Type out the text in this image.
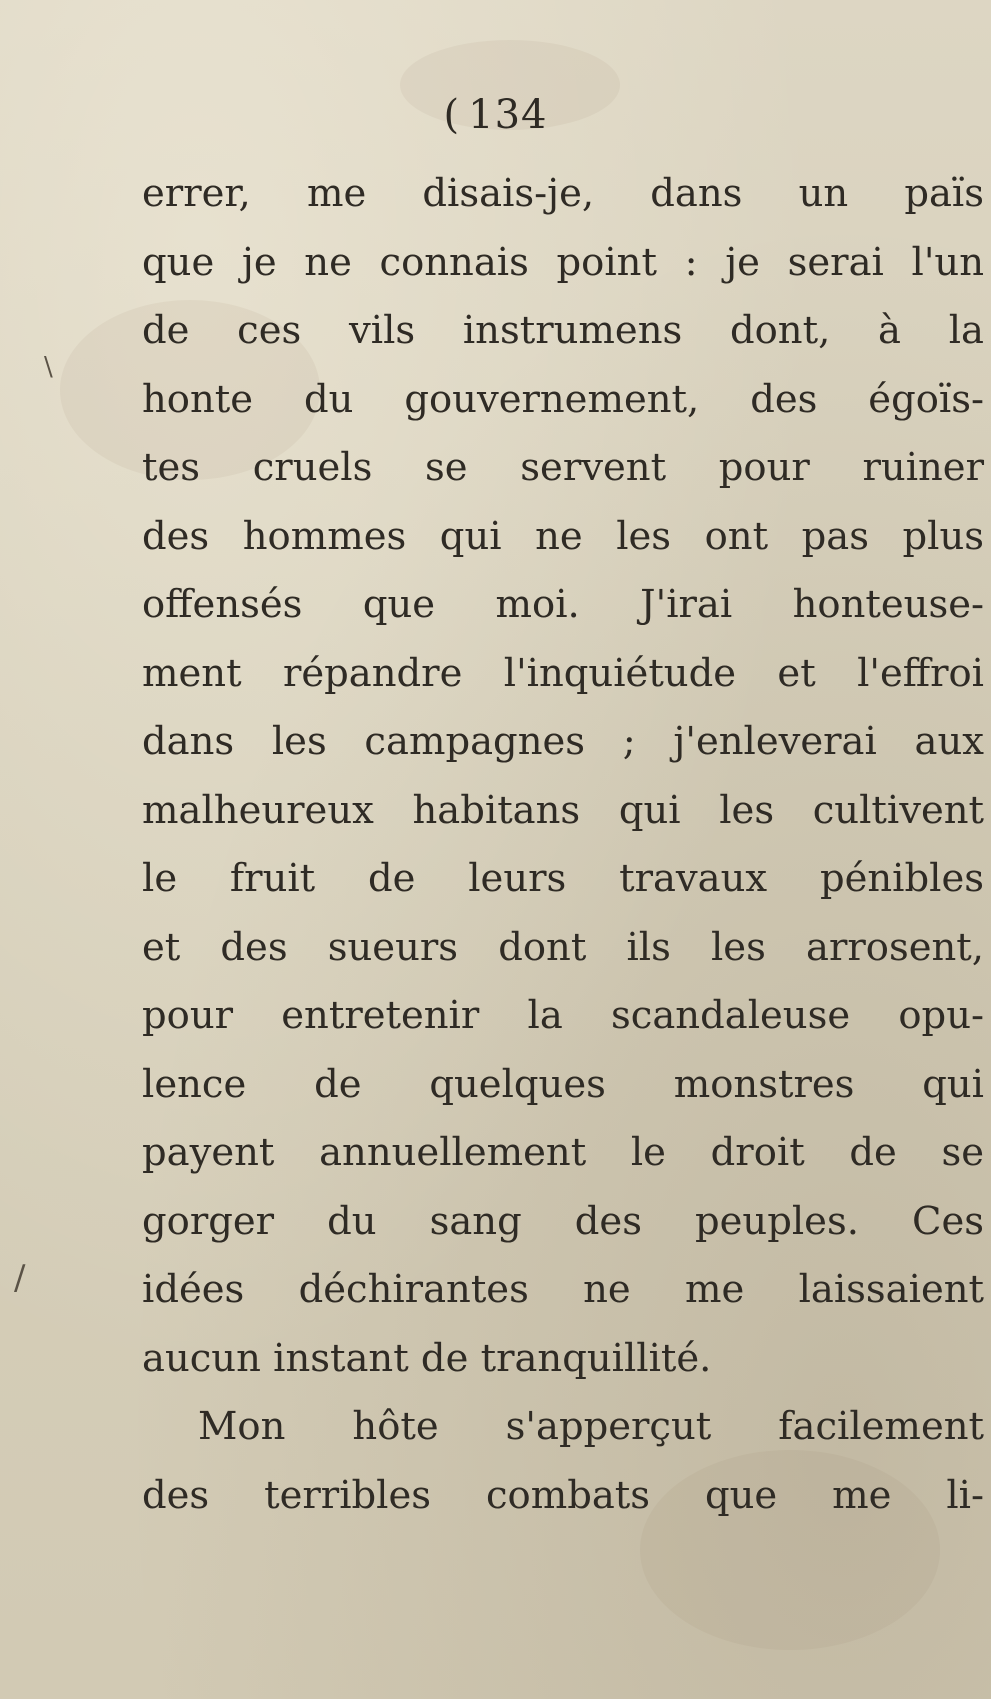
\
/
( 134
errer, me disais-je, dans un païs
que je ne connais point : je serai l'un
de ces vils instrumens dont, à la
honte du gouvernement, des égoïs-
tes cruels se servent pour ruiner
des hommes qui ne les ont pas plus
offensés que moi. J'irai honteuse-
ment répandre l'inquiétude et l'effroi
dans les campagnes ; j'enleverai aux
malheureux habitans qui les cultivent
le fruit de leurs travaux pénibles
et des sueurs dont ils les arrosent,
pour entretenir la scandaleuse opu-
lence de quelques monstres qui
payent annuellement le droit de se
gorger du sang des peuples. Ces
idées déchirantes ne me laissaient
aucun instant de tranquillité.
Mon hôte s'apperçut facilement
des terribles combats que me li-
